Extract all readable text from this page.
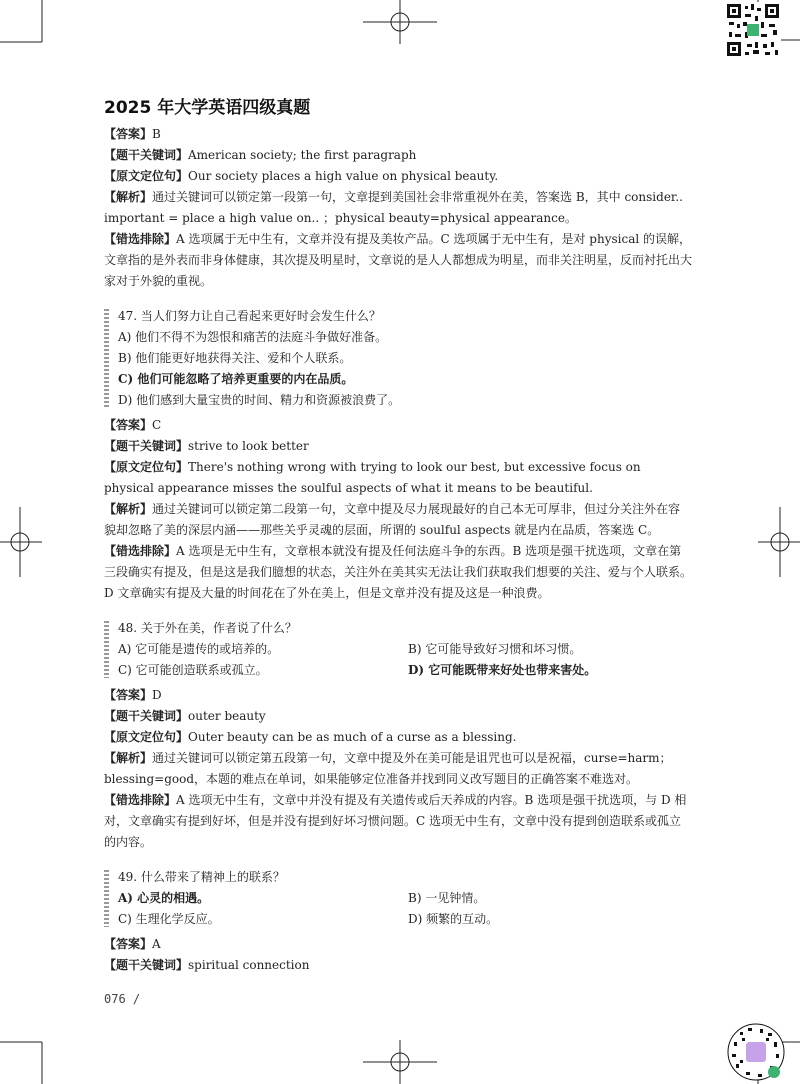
2025 年大学英语四级真题

【答案】B

【题干关键词】American society; the first paragraph

【原文定位句】Our society places a high value on physical beauty.

【解析】通过关键词可以锁定第一段第一句，文章提到美国社会非常重视外在美，答案选 B，其中 consider.. important = place a high value on.. ；physical beauty=physical appearance。

【错选排除】A 选项属于无中生有，文章并没有提及美妆产品。C 选项属于无中生有，是对 physical 的误解，文章指的是外表而非身体健康，其次提及明星时，文章说的是人人都想成为明星，而非关注明星，反而衬托出大家对于外貌的重视。

47. 当人们努力让自己看起来更好时会发生什么？

A) 他们不得不为怨恨和痛苦的法庭斗争做好准备。

B) 他们能更好地获得关注、爱和个人联系。

C) 他们可能忽略了培养更重要的内在品质。

D) 他们感到大量宝贵的时间、精力和资源被浪费了。

【答案】C

【题干关键词】strive to look better

【原文定位句】There's nothing wrong with trying to look our best, but excessive focus on physical appearance misses the soulful aspects of what it means to be beautiful.

【解析】通过关键词可以锁定第二段第一句，文章中提及尽力展现最好的自己本无可厚非，但过分关注外在容貌却忽略了美的深层内涵——那些关乎灵魂的层面，所谓的 soulful aspects 就是内在品质，答案选 C。

【错选排除】A 选项是无中生有，文章根本就没有提及任何法庭斗争的东西。B 选项是强干扰选项，文章在第三段确实有提及，但是这是我们臆想的状态，关注外在美其实无法让我们获取我们想要的关注、爱与个人联系。D 文章确实有提及大量的时间花在了外在美上，但是文章并没有提及这是一种浪费。

48. 关于外在美，作者说了什么？

A) 它可能是遗传的或培养的。	B) 它可能导致好习惯和坏习惯。

C) 它可能创造联系或孤立。	D) 它可能既带来好处也带来害处。

【答案】D

【题干关键词】outer beauty

【原文定位句】Outer beauty can be as much of a curse as a blessing.

【解析】通过关键词可以锁定第五段第一句，文章中提及外在美可能是诅咒也可以是祝福，curse=harm；blessing=good，本题的难点在单词，如果能够定位准备并找到同义改写题目的正确答案不难选对。

【错选排除】A 选项无中生有，文章中并没有提及有关遗传或后天养成的内容。B 选项是强干扰选项，与 D 相对，文章确实有提到好坏，但是并没有提到好坏习惯问题。C 选项无中生有，文章中没有提到创造联系或孤立的内容。

49. 什么带来了精神上的联系？

A) 心灵的相遇。	B) 一见钟情。

C) 生理化学反应。	D) 频繁的互动。

【答案】A

【题干关键词】spiritual connection

076 /
